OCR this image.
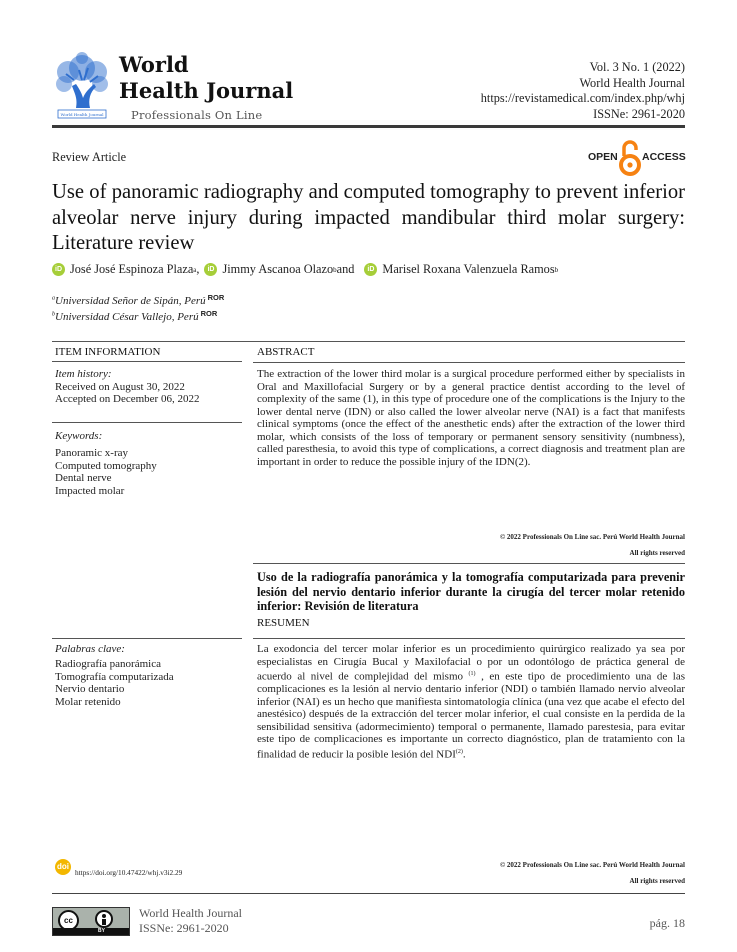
World Health Journal
World
Health Journal
Professionals On Line
Vol. 3 No. 1 (2022)
World Health Journal
https://revistamedical.com/index.php/whj
ISSNe: 2961-2020
Review Article	OPEN ACCESS
Use of panoramic radiography and computed tomography to prevent inferior alveolar nerve injury during impacted mandibular third molar surgery: Literature review
iD José José Espinoza Plaza a ,	iD Jimmy Ascanoa Olazo b and	iD Marisel Roxana Valenzuela Ramos b
$^a$Universidad Señor de Sipán, Perú $^{ROR}$
$^b$Universidad César Vallejo, Perú $^{ROR}$
ITEM INFORMATION
Item history:
Received on August 30, 2022
Accepted on December 06, 2022
Keywords:
Panoramic x-ray
Computed tomography
Dental nerve
Impacted molar
ABSTRACT
The extraction of the lower third molar is a surgical procedure performed either by specialists in Oral and Maxillofacial Surgery or by a general practice dentist according to the level of complexity of the same (1), in this type of procedure one of the complications is the Injury to the lower dental nerve (IDN) or also called the lower alveolar nerve (NAI) is a fact that manifests clinical symptoms (once the effect of the anesthetic ends) after the extraction of the lower third molar, which consists of the loss of temporary or permanent sensory sensitivity (numbness), called paresthesia, to avoid this type of complications, a correct diagnosis and treatment plan are important in order to reduce the possible injury of the IDN(2).
© 2022 Professionals On Line sac. Perú World Health Journal
All rights reserved
Uso de la radiografía panorámica y la tomografía computarizada para prevenir lesión del nervio dentario inferior durante la cirugía del tercer molar retenido inferior: Revisión de literatura
RESUMEN
Palabras clave:
Radiografía panorámica
Tomografía computarizada
Nervio dentario
Molar retenido
La exodoncia del tercer molar inferior es un procedimiento quirúrgico realizado ya sea por especialistas en Cirugía Bucal y Maxilofacial o por un odontólogo de práctica general de acuerdo al nivel de complejidad del mismo $^{(1)}$ , en este tipo de procedimiento una de las complicaciones es la lesión al nervio dentario inferior (NDI) o también llamado nervio alveolar inferior (NAI) es un hecho que manifiesta sintomatología clínica (una vez que acabe el efecto del anestésico) después de la extracción del tercer molar inferior, el cual consiste en la perdida de la sensibilidad sensitiva (adormecimiento) temporal o permanente, llamado parestesia, para evitar este tipo de complicaciones es importante un correcto diagnóstico, plan de tratamiento con la finalidad de reducir la posible lesión del NDI$^{(2)}$.
doi
https://doi.org/10.47422/whj.v3i2.29
© 2022 Professionals On Line sac. Perú World Health Journal
All rights reserved
cc
BY
World Health Journal
ISSNe: 2961-2020	pág. 18
